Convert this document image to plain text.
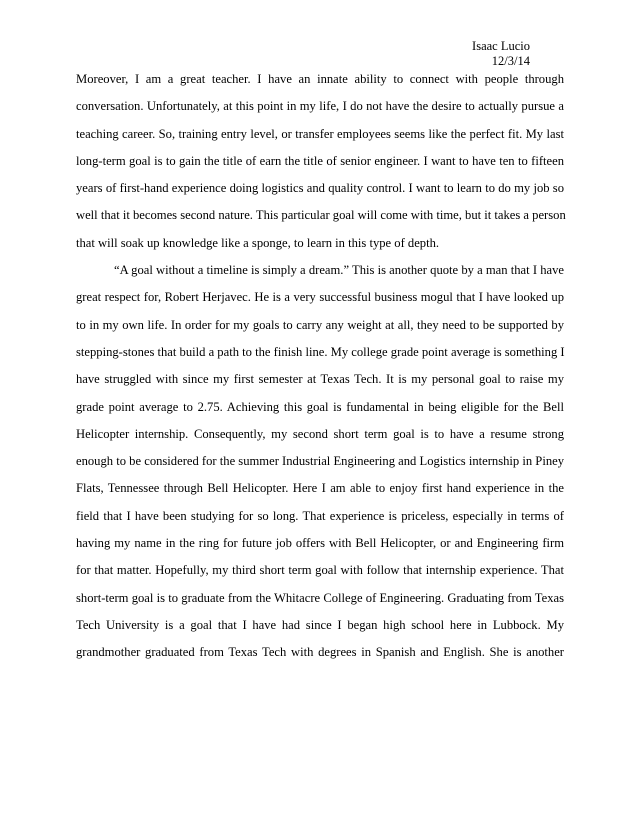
Isaac Lucio
12/3/14
Moreover, I am a great teacher. I have an innate ability to connect with people through
conversation. Unfortunately, at this point in my life, I do not have the desire to actually pursue a
teaching career. So, training entry level, or transfer employees seems like the perfect fit. My last
long-term goal is to gain the title of earn the title of senior engineer. I want to have ten to fifteen
years of first-hand experience doing logistics and quality control. I want to learn to do my job so
well that it becomes second nature. This particular goal will come with time, but it takes a person
that will soak up knowledge like a sponge, to learn in this type of depth.
“A goal without a timeline is simply a dream.” This is another quote by a man that I have
great respect for, Robert Herjavec. He is a very successful business mogul that I have looked up
to in my own life. In order for my goals to carry any weight at all, they need to be supported by
stepping-stones that build a path to the finish line. My college grade point average is something I
have struggled with since my first semester at Texas Tech. It is my personal goal to raise my
grade point average to 2.75. Achieving this goal is fundamental in being eligible for the Bell
Helicopter internship. Consequently, my second short term goal is to have a resume strong
enough to be considered for the summer Industrial Engineering and Logistics internship in Piney
Flats, Tennessee through Bell Helicopter. Here I am able to enjoy first hand experience in the
field that I have been studying for so long. That experience is priceless, especially in terms of
having my name in the ring for future job offers with Bell Helicopter, or and Engineering firm
for that matter. Hopefully, my third short term goal with follow that internship experience. That
short-term goal is to graduate from the Whitacre College of Engineering. Graduating from Texas
Tech University is a goal that I have had since I began high school here in Lubbock. My
grandmother graduated from Texas Tech with degrees in Spanish and English. She is another
